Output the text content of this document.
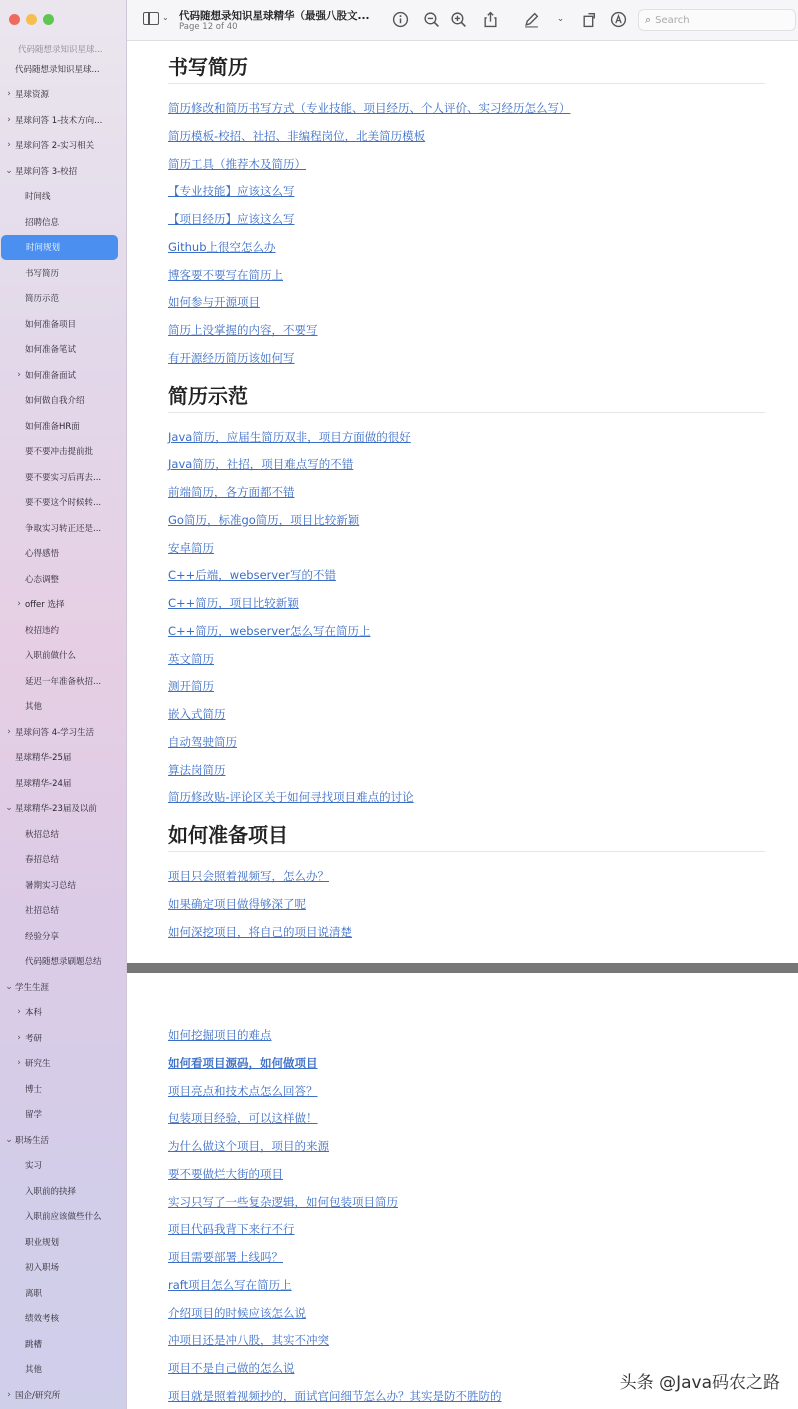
代码随想录知识星球...
代码随想录知识星球...
› 星球资源
› 星球问答 1-技术方向...
› 星球问答 2-实习相关
⌄ 星球问答 3-校招
时间线
招聘信息
时间规划
书写简历
简历示范
如何准备项目
如何准备笔试
› 如何准备面试
如何做自我介绍
如何准备HR面
要不要冲击提前批
要不要实习后再去...
要不要这个时候转...
争取实习转正还是...
心得感悟
心态调整
› offer 选择
校招违约
入职前做什么
延迟一年准备秋招...
其他
› 星球问答 4-学习生活
星球精华-25届
星球精华-24届
⌄ 星球精华-23届及以前
秋招总结
春招总结
暑期实习总结
社招总结
经验分享
代码随想录刷题总结
⌄ 学生生涯
› 本科
› 考研
› 研究生
博士
留学
⌄ 职场生活
实习
入职前的抉择
入职前应该做些什么
职业规划
初入职场
离职
绩效考核
跳槽
其他
› 国企/研究所
⌄ 代码随想录知识星球精华（最强八股文...
Page 12 of 40
⌄	⌕
Search
书写简历
简历修改和简历书写方式（专业技能、项目经历、个人评价、实习经历怎么写）
简历模板-校招、社招、非编程岗位，北美简历模板
简历工具（推荐木及简历）
【专业技能】应该这么写
【项目经历】应该这么写
Github上很空怎么办
博客要不要写在简历上
如何参与开源项目
简历上没掌握的内容，不要写
有开源经历简历该如何写
简历示范
Java简历，应届生简历双非，项目方面做的很好
Java简历，社招，项目难点写的不错
前端简历，各方面都不错
Go简历，标准go简历，项目比较新颖
安卓简历
C++后端，webserver写的不错
C++简历，项目比较新颖
C++简历，webserver怎么写在简历上
英文简历
测开简历
嵌入式简历
自动驾驶简历
算法岗简历
简历修改贴-评论区关于如何寻找项目难点的讨论
如何准备项目
项目只会照着视频写，怎么办？
如果确定项目做得够深了呢
如何深挖项目，将自己的项目说清楚
如何挖掘项目的难点
如何看项目源码，如何做项目
项目亮点和技术点怎么回答？
包装项目经验，可以这样做！
为什么做这个项目，项目的来源
要不要做烂大街的项目
实习只写了一些复杂逻辑，如何包装项目简历
项目代码我背下来行不行
项目需要部署上线吗？
raft项目怎么写在简历上
介绍项目的时候应该怎么说
冲项目还是冲八股，其实不冲突
项目不是自己做的怎么说
项目就是照着视频抄的，面试官问细节怎么办？其实是防不胜防的
头条 @Java码农之路
